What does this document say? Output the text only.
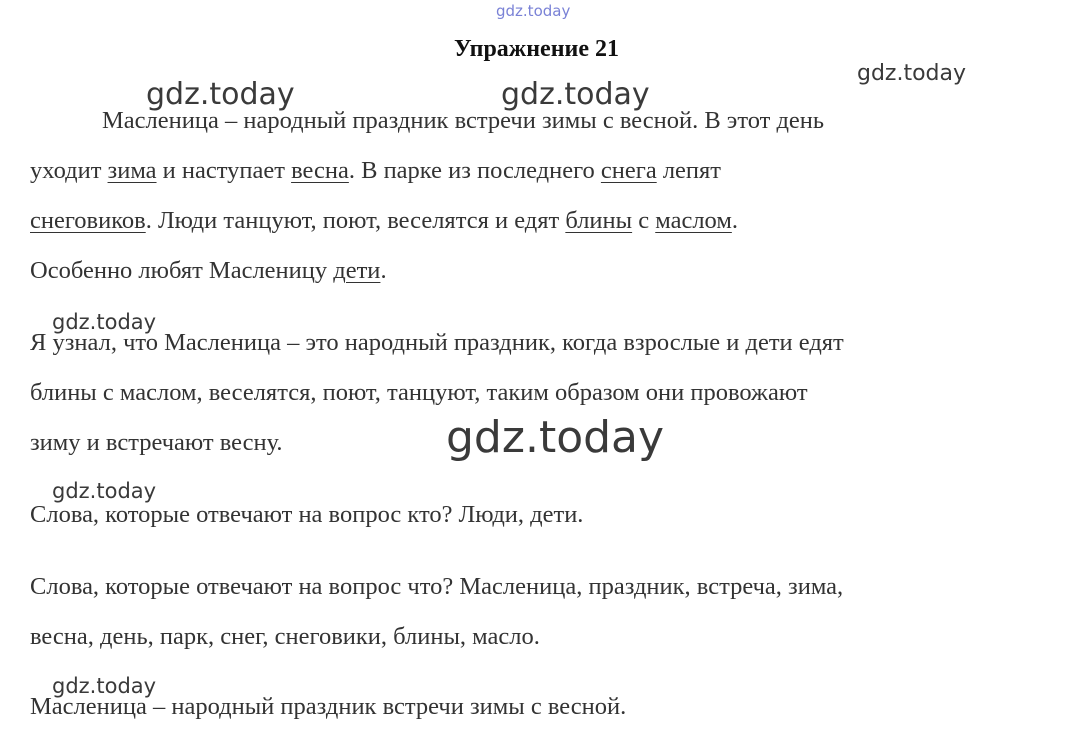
Упражнение 21
Масленица – народный праздник встречи зимы с весной. В этот день
уходит зима и наступает весна. В парке из последнего снега лепят
снеговиков. Люди танцуют, поют, веселятся и едят блины с маслом.
Особенно любят Масленицу дети.
Я узнал, что Масленица – это народный праздник, когда взрослые и дети едят
блины с маслом, веселятся, поют, танцуют, таким образом они провожают
зиму и встречают весну.
Слова, которые отвечают на вопрос кто? Люди, дети.
Слова, которые отвечают на вопрос что? Масленица, праздник, встреча, зима,
весна, день, парк, снег, снеговики, блины, масло.
Масленица – народный праздник встречи зимы с весной.
gdz.today
gdz.today	gdz.today
gdz.today
gdz.today
gdz.today
gdz.today
gdz.today
